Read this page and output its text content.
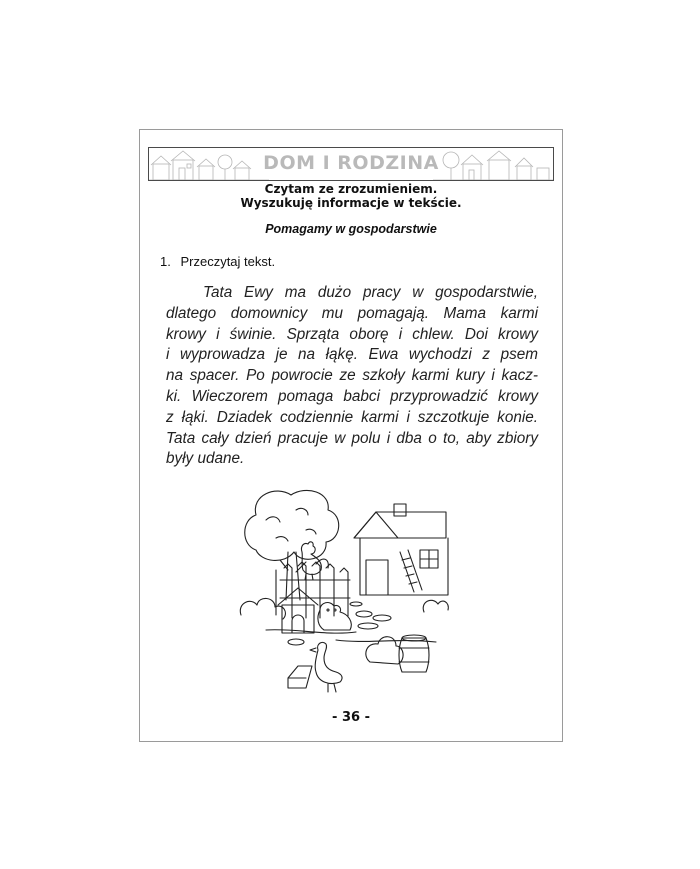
DOM I RODZINA
Czytam ze zrozumieniem.
Wyszukuję informacje w tekście.
Pomagamy w gospodarstwie
1. Przeczytaj tekst.
Tata Ewy ma dużo pracy w gospodarstwie,
dlatego domownicy mu pomagają. Mama karmi
krowy i świnie. Sprząta oborę i chlew. Doi krowy
i wyprowadza je na łąkę. Ewa wychodzi z psem
na spacer. Po powrocie ze szkoły karmi kury i kacz-
ki. Wieczorem pomaga babci przyprowadzić krowy
z łąki. Dziadek codziennie karmi i szczotkuje konie.
Tata cały dzień pracuje w polu i dba o to, aby zbiory
były udane.
- 36 -
